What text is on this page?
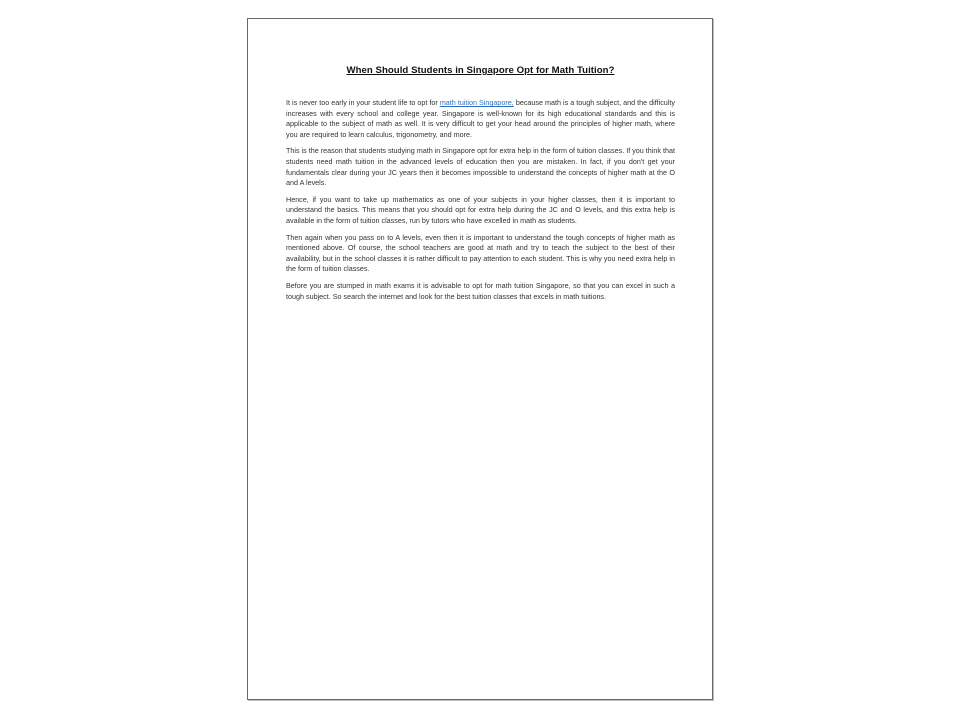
When Should Students in Singapore Opt for Math Tuition?

It is never too early in your student life to opt for math tuition Singapore, because math is a tough subject, and the difficulty increases with every school and college year. Singapore is well-known for its high educational standards and this is applicable to the subject of math as well. It is very difficult to get your head around the principles of higher math, where you are required to learn calculus, trigonometry, and more.

This is the reason that students studying math in Singapore opt for extra help in the form of tuition classes. If you think that students need math tuition in the advanced levels of education then you are mistaken. In fact, if you don't get your fundamentals clear during your JC years then it becomes impossible to understand the concepts of higher math at the O and A levels.

Hence, if you want to take up mathematics as one of your subjects in your higher classes, then it is important to understand the basics. This means that you should opt for extra help during the JC and O levels, and this extra help is available in the form of tuition classes, run by tutors who have excelled in math as students.

Then again when you pass on to A levels, even then it is important to understand the tough concepts of higher math as mentioned above. Of course, the school teachers are good at math and try to teach the subject to the best of their availability, but in the school classes it is rather difficult to pay attention to each student. This is why you need extra help in the form of tuition classes.

Before you are stumped in math exams it is advisable to opt for math tuition Singapore, so that you can excel in such a tough subject. So search the internet and look for the best tuition classes that excels in math tuitions.
